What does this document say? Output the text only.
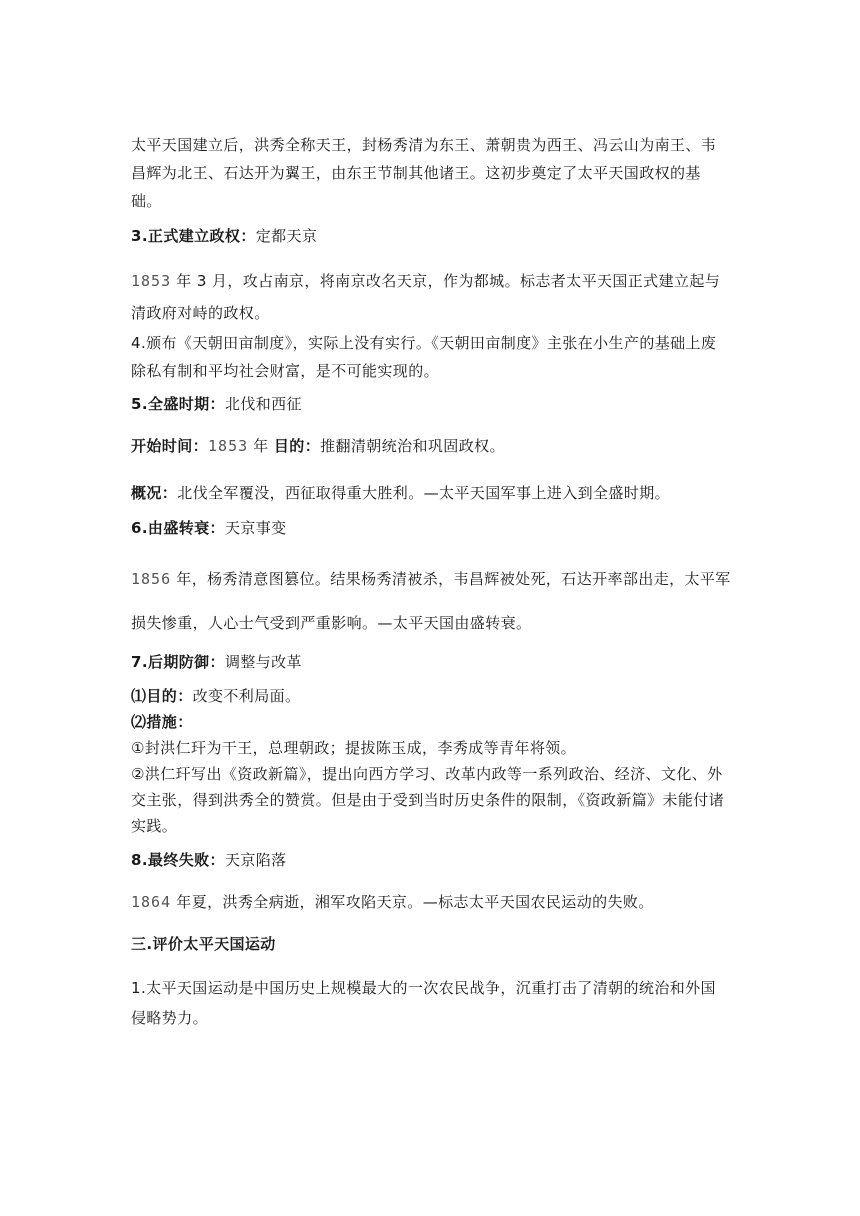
太平天国建立后，洪秀全称天王，封杨秀清为东王、萧朝贵为西王、冯云山为南王、韦昌辉为北王、石达开为翼王，由东王节制其他诸王。这初步奠定了太平天国政权的基础。

3.正式建立政权：定都天京

1853 年 3 月，攻占南京，将南京改名天京，作为都城。标志者太平天国正式建立起与清政府对峙的政权。

4.颁布《天朝田亩制度》，实际上没有实行。《天朝田亩制度》主张在小生产的基础上废除私有制和平均社会财富，是不可能实现的。

5.全盛时期：北伐和西征

开始时间：1853 年 目的：推翻清朝统治和巩固政权。

概况：北伐全军覆没，西征取得重大胜利。—太平天国军事上进入到全盛时期。

6.由盛转衰：天京事变

1856 年，杨秀清意图篡位。结果杨秀清被杀，韦昌辉被处死，石达开率部出走，太平军损失惨重，人心士气受到严重影响。—太平天国由盛转衰。

7.后期防御：调整与改革

⑴目的：改变不利局面。

⑵措施：

①封洪仁玕为干王，总理朝政；提拔陈玉成，李秀成等青年将领。

②洪仁玕写出《资政新篇》，提出向西方学习、改革内政等一系列政治、经济、文化、外交主张，得到洪秀全的赞赏。但是由于受到当时历史条件的限制，《资政新篇》未能付诸实践。

8.最终失败：天京陷落

1864 年夏，洪秀全病逝，湘军攻陷天京。—标志太平天国农民运动的失败。

三.评价太平天国运动

1.太平天国运动是中国历史上规模最大的一次农民战争，沉重打击了清朝的统治和外国侵略势力。
